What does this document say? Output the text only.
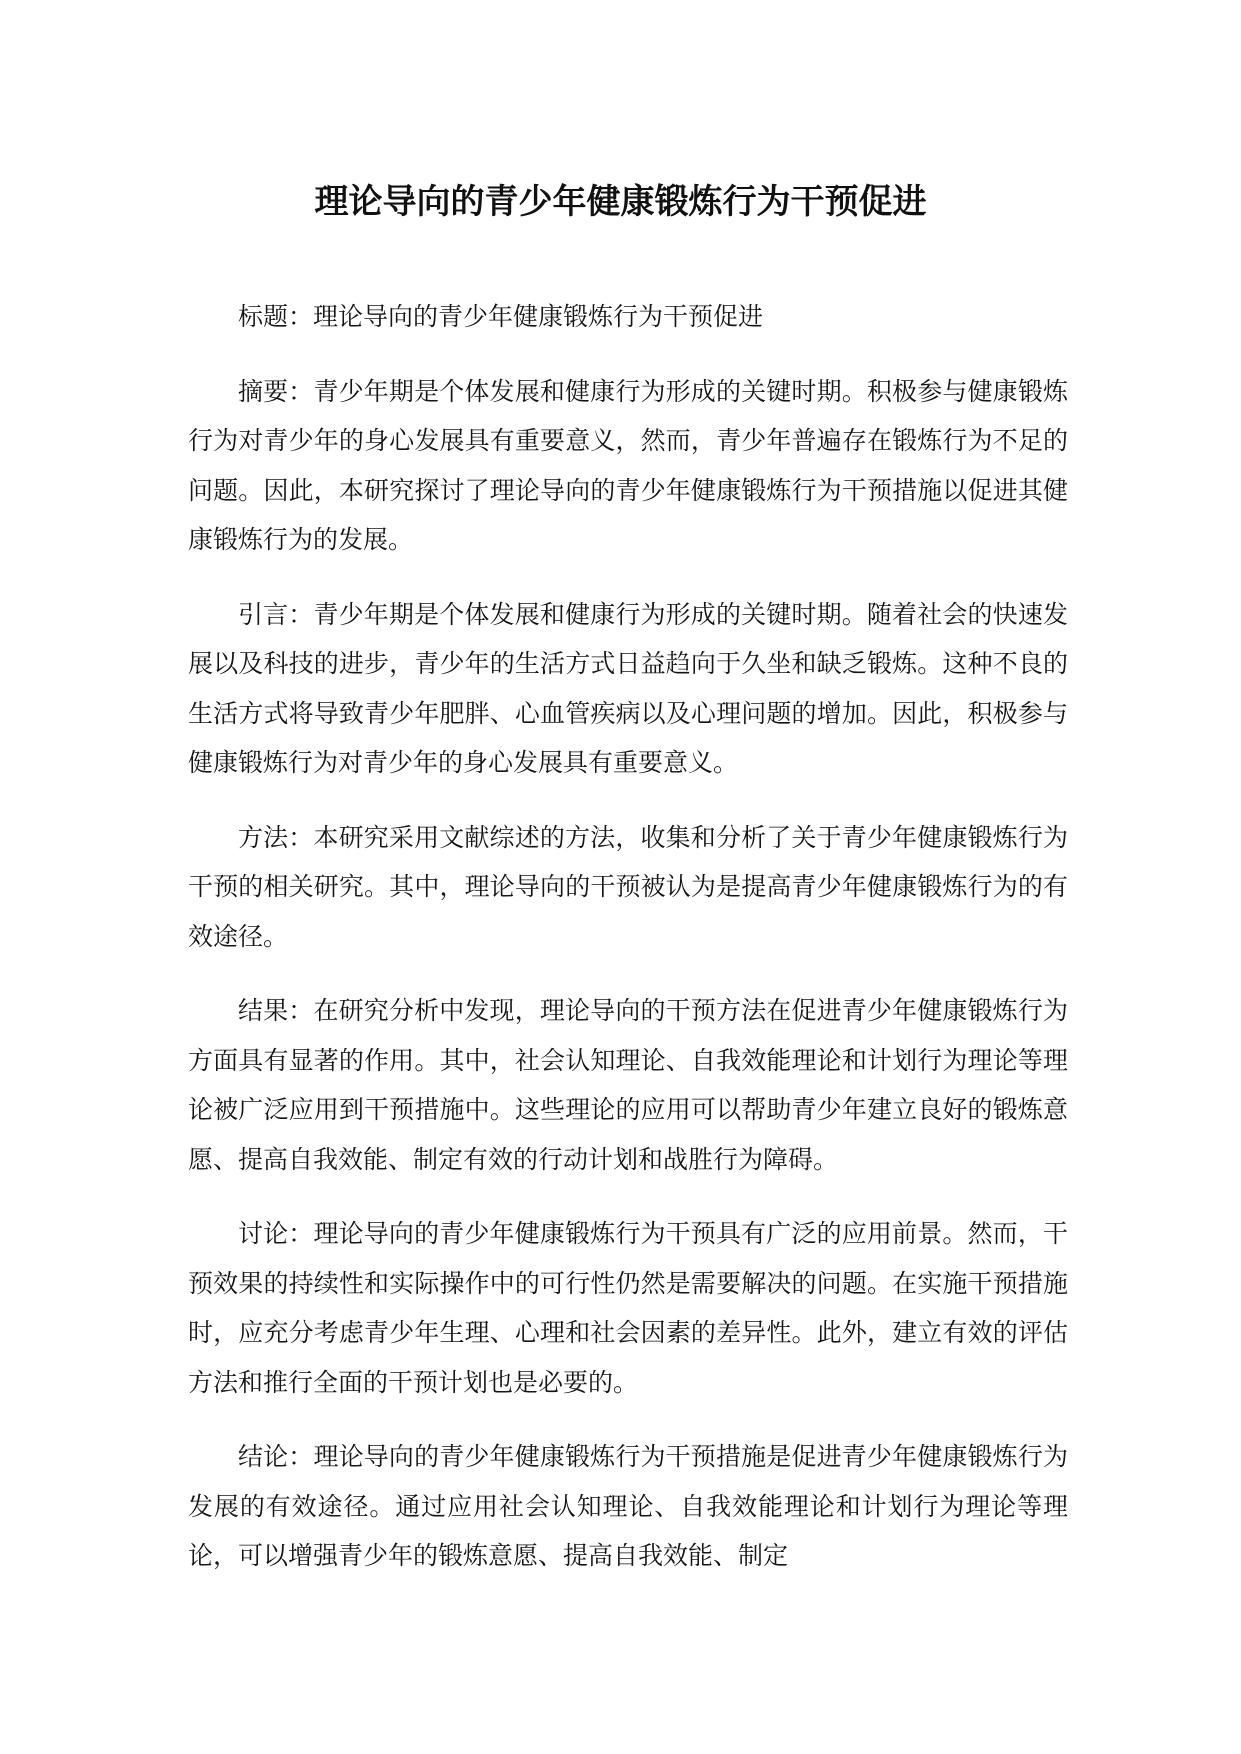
理论导向的青少年健康锻炼行为干预促进

标题：理论导向的青少年健康锻炼行为干预促进

摘要：青少年期是个体发展和健康行为形成的关键时期。积极参与健康锻炼行为对青少年的身心发展具有重要意义，然而，青少年普遍存在锻炼行为不足的问题。因此，本研究探讨了理论导向的青少年健康锻炼行为干预措施以促进其健康锻炼行为的发展。

引言：青少年期是个体发展和健康行为形成的关键时期。随着社会的快速发展以及科技的进步，青少年的生活方式日益趋向于久坐和缺乏锻炼。这种不良的生活方式将导致青少年肥胖、心血管疾病以及心理问题的增加。因此，积极参与健康锻炼行为对青少年的身心发展具有重要意义。

方法：本研究采用文献综述的方法，收集和分析了关于青少年健康锻炼行为干预的相关研究。其中，理论导向的干预被认为是提高青少年健康锻炼行为的有效途径。

结果：在研究分析中发现，理论导向的干预方法在促进青少年健康锻炼行为方面具有显著的作用。其中，社会认知理论、自我效能理论和计划行为理论等理论被广泛应用到干预措施中。这些理论的应用可以帮助青少年建立良好的锻炼意愿、提高自我效能、制定有效的行动计划和战胜行为障碍。

讨论：理论导向的青少年健康锻炼行为干预具有广泛的应用前景。然而，干预效果的持续性和实际操作中的可行性仍然是需要解决的问题。在实施干预措施时，应充分考虑青少年生理、心理和社会因素的差异性。此外，建立有效的评估方法和推行全面的干预计划也是必要的。

结论：理论导向的青少年健康锻炼行为干预措施是促进青少年健康锻炼行为发展的有效途径。通过应用社会认知理论、自我效能理论和计划行为理论等理论，可以增强青少年的锻炼意愿、提高自我效能、制定
